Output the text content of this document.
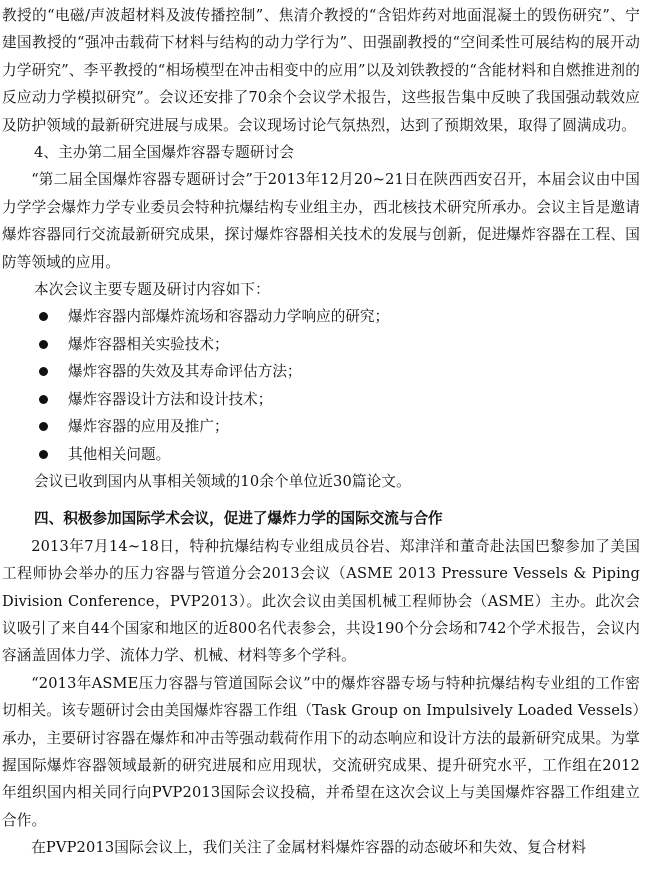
教授的“电磁/声波超材料及波传播控制”、焦清介教授的“含铝炸药对地面混凝土的毁伤研究”、宁建国教授的“强冲击载荷下材料与结构的动力学行为”、田强副教授的“空间柔性可展结构的展开动力学研究”、李平教授的“相场模型在冲击相变中的应用”以及刘铁教授的“含能材料和自燃推进剂的反应动力学模拟研究”。会议还安排了70余个会议学术报告，这些报告集中反映了我国强动载效应及防护领域的最新研究进展与成果。会议现场讨论气氛热烈，达到了预期效果，取得了圆满成功。

4、主办第二届全国爆炸容器专题研讨会

“第二届全国爆炸容器专题研讨会”于2013年12月20~21日在陕西西安召开，本届会议由中国力学学会爆炸力学专业委员会特种抗爆结构专业组主办，西北核技术研究所承办。会议主旨是邀请爆炸容器同行交流最新研究成果，探讨爆炸容器相关技术的发展与创新，促进爆炸容器在工程、国防等领域的应用。

本次会议主要专题及研讨内容如下：

爆炸容器内部爆炸流场和容器动力学响应的研究；
爆炸容器相关实验技术；
爆炸容器的失效及其寿命评估方法；
爆炸容器设计方法和设计技术；
爆炸容器的应用及推广；
其他相关问题。

会议已收到国内从事相关领域的10余个单位近30篇论文。

四、积极参加国际学术会议，促进了爆炸力学的国际交流与合作

2013年7月14~18日，特种抗爆结构专业组成员谷岩、郑津洋和董奇赴法国巴黎参加了美国工程师协会举办的压力容器与管道分会2013会议（ASME 2013 Pressure Vessels & Piping Division Conference，PVP2013）。此次会议由美国机械工程师协会（ASME）主办。此次会议吸引了来自44个国家和地区的近800名代表参会，共设190个分会场和742个学术报告，会议内容涵盖固体力学、流体力学、机械、材料等多个学科。

“2013年ASME压力容器与管道国际会议”中的爆炸容器专场与特种抗爆结构专业组的工作密切相关。该专题研讨会由美国爆炸容器工作组（Task Group on Impulsively Loaded Vessels）承办，主要研讨容器在爆炸和冲击等强动载荷作用下的动态响应和设计方法的最新研究成果。为掌握国际爆炸容器领域最新的研究进展和应用现状，交流研究成果、提升研究水平，工作组在2012年组织国内相关同行向PVP2013国际会议投稿，并希望在这次会议上与美国爆炸容器工作组建立合作。

在PVP2013国际会议上，我们关注了金属材料爆炸容器的动态破坏和失效、复合材料
